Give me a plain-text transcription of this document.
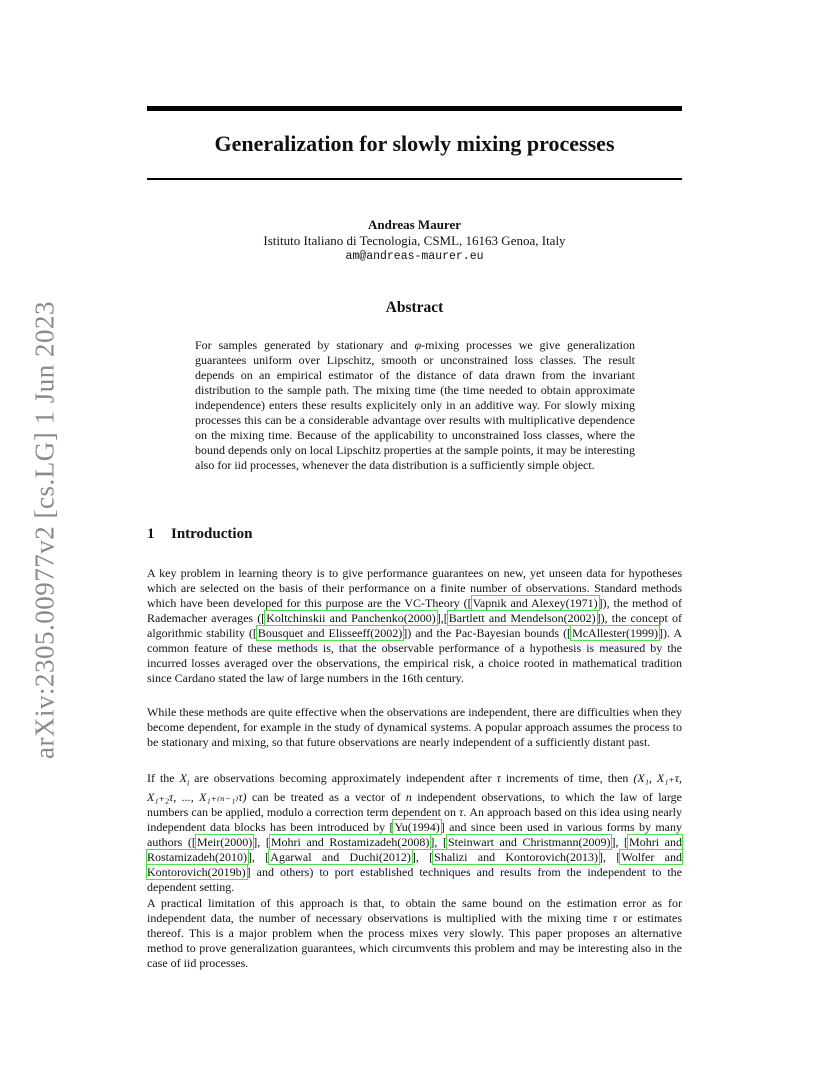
arXiv:2305.00977v2 [cs.LG] 1 Jun 2023
Generalization for slowly mixing processes
Andreas Maurer
Istituto Italiano di Tecnologia, CSML, 16163 Genoa, Italy
am@andreas-maurer.eu
Abstract

For samples generated by stationary and φ-mixing processes we give generalization guarantees uniform over Lipschitz, smooth or unconstrained loss classes. The result depends on an empirical estimator of the distance of data drawn from the invariant distribution to the sample path. The mixing time (the time needed to obtain approximate independence) enters these results explicitely only in an additive way. For slowly mixing processes this can be a considerable advantage over results with multiplicative dependence on the mixing time. Because of the applicability to unconstrained loss classes, where the bound depends only on local Lipschitz properties at the sample points, it may be interesting also for iid processes, whenever the data distribution is a sufficiently simple object.

1 Introduction

A key problem in learning theory is to give performance guarantees on new, yet unseen data for hypotheses which are selected on the basis of their performance on a finite number of observations. Standard methods which have been developed for this purpose are the VC-Theory ([Vapnik and Alexey(1971)]), the method of Rademacher averages ([Koltchinskii and Panchenko(2000)],[Bartlett and Mendelson(2002)]), the concept of algorithmic stability ([Bousquet and Elisseeff(2002)]) and the Pac-Bayesian bounds ([McAllester(1999)]). A common feature of these methods is, that the observable performance of a hypothesis is measured by the incurred losses averaged over the observations, the empirical risk, a choice rooted in mathematical tradition since Cardano stated the law of large numbers in the 16th century.

While these methods are quite effective when the observations are independent, there are difficulties when they become dependent, for example in the study of dynamical systems. A popular approach assumes the process to be stationary and mixing, so that future observations are nearly independent of a sufficiently distant past.

If the $X_i$ are observations becoming approximately independent after τ increments of time, then (X₁, X₁₊τ, X₁₊₂τ, ..., X₁₊₍ₙ₋₁₎τ) can be treated as a vector of n independent observations, to which the law of large numbers can be applied, modulo a correction term dependent on τ. An approach based on this idea using nearly independent data blocks has been introduced by [Yu(1994)] and since been used in various forms by many authors ([Meir(2000)], [Mohri and Rostamizadeh(2008)], [Steinwart and Christmann(2009)], [Mohri and Rostamizadeh(2010)], [Agarwal and Duchi(2012)], [Shalizi and Kontorovich(2013)], [Wolfer and Kontorovich(2019b)] and others) to port established techniques and results from the independent to the dependent setting.

A practical limitation of this approach is that, to obtain the same bound on the estimation error as for independent data, the number of necessary observations is multiplied with the mixing time τ or estimates thereof. This is a major problem when the process mixes very slowly. This paper proposes an alternative method to prove generalization guarantees, which circumvents this problem and may be interesting also in the case of iid processes.
